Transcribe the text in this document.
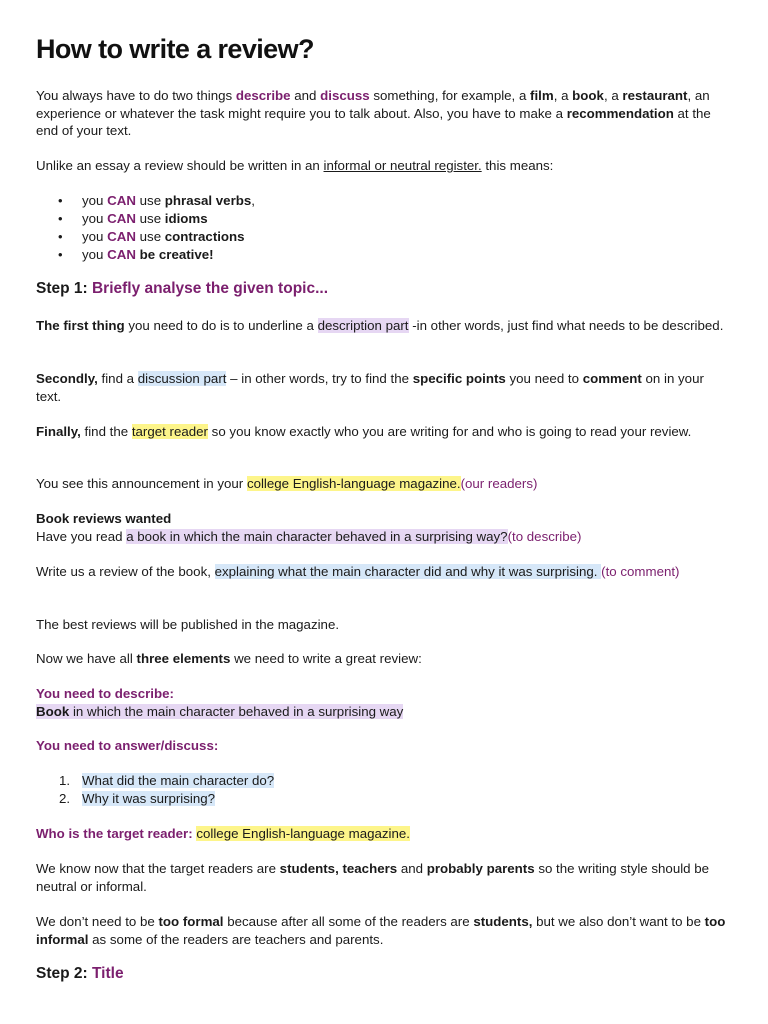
How to write a review?

You always have to do two things describe and discuss something, for example, a film, a book, a restaurant, an experience or whatever the task might require you to talk about. Also, you have to make a recommendation at the end of your text.

Unlike an essay a review should be written in an informal or neutral register. this means:

• you CAN use phrasal verbs,
• you CAN use idioms
• you CAN use contractions
• you CAN be creative!

Step 1: Briefly analyse the given topic...

The first thing you need to do is to underline a description part -in other words, just find what needs to be described.

Secondly, find a discussion part – in other words, try to find the specific points you need to comment on in your text.

Finally, find the target reader so you know exactly who you are writing for and who is going to read your review.

You see this announcement in your college English-language magazine.(our readers)

Book reviews wanted

Have you read a book in which the main character behaved in a surprising way?(to describe)

Write us a review of the book, explaining what the main character did and why it was surprising. (to comment)

The best reviews will be published in the magazine.

Now we have all three elements we need to write a great review:

You need to describe:

Book in which the main character behaved in a surprising way

You need to answer/discuss:

1. What did the main character do?
2. Why it was surprising?

Who is the target reader: college English-language magazine.

We know now that the target readers are students, teachers and probably parents so the writing style should be neutral or informal.

We don’t need to be too formal because after all some of the readers are students, but we also don’t want to be too informal as some of the readers are teachers and parents.

Step 2: Title
